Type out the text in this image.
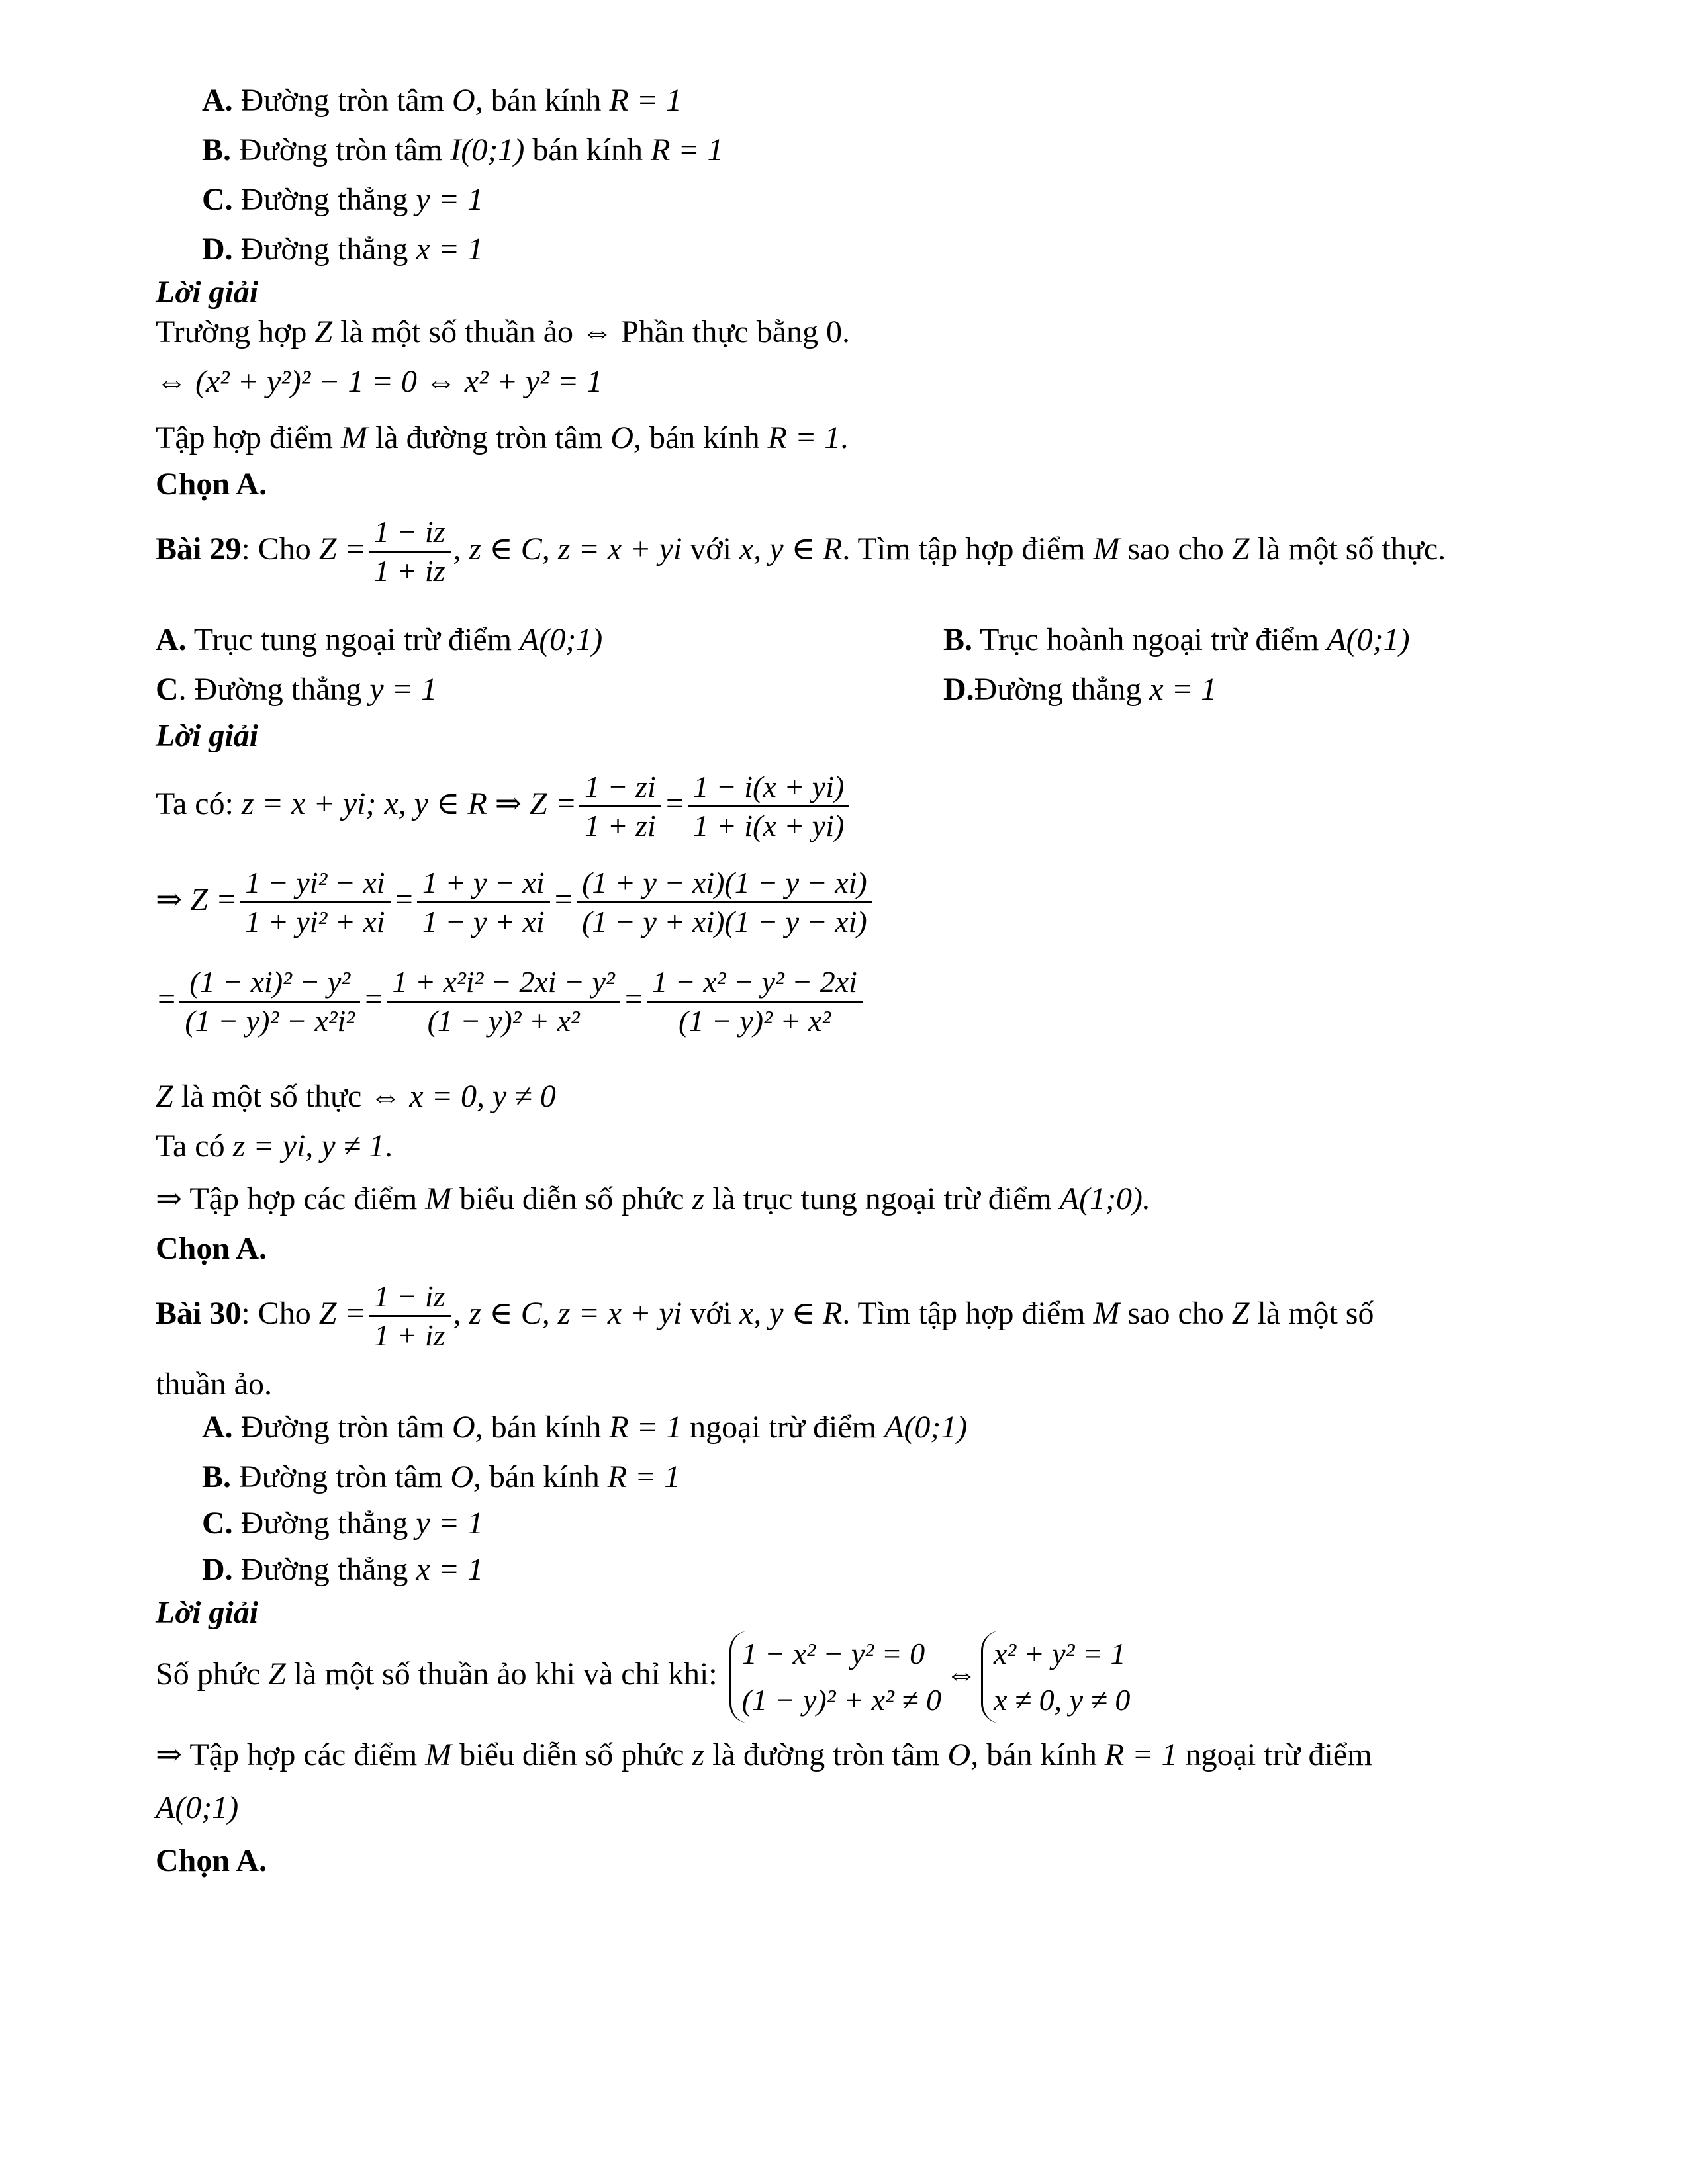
A. Đường tròn tâm O, bán kính R = 1
B. Đường tròn tâm I(0;1) bán kính R = 1
C. Đường thẳng y = 1
D. Đường thẳng x = 1
Lời giải
Trường hợp Z là một số thuần ảo ⇔ Phần thực bằng 0.
⇔ (x² + y²)² − 1 = 0 ⇔ x² + y² = 1
Tập hợp điểm M là đường tròn tâm O, bán kính R = 1.
Chọn A.
Bài 29: Cho $Z = \frac{1 - iz}{1 + iz}$ , z ∈ C, z = x + yi với x, y ∈ R. Tìm tập hợp điểm M sao cho Z là một số thực.
A. Trục tung ngoại trừ điểm A(0;1)	B. Trục hoành ngoại trừ điểm A(0;1)
C. Đường thẳng y = 1	D.Đường thẳng x = 1
Lời giải
Ta có: z = x + yi; x, y ∈ R ⇒ $Z = \frac{1 - zi}{1 + zi} = \frac{1 - i(x + yi)}{1 + i(x + yi)}$
⇒ $Z = \frac{\text{1 − yi² − xi}}{\text{1 + yi² + xi}} = \frac{1 + y - xi}{1 - y + xi} = \frac{(1 + y - xi)(1 - y - xi)}{(1 - y + xi)(1 - y - xi)}$
= $\frac{\text{(1 − xi)² − y²}}{\text{(1 − y)² − x²i²}} = \frac{\text{1 + x²i² − 2xi − y²}}{\text{(1 − y)² + x²}} = \frac{\text{1 − x² − y² − 2xi}}{\text{(1 − y)² + x²}}$
Z là một số thực ⇔ x = 0, y ≠ 0
Ta có z = yi, y ≠ 1.
⇒ Tập hợp các điểm M biểu diễn số phức z là trục tung ngoại trừ điểm A(1;0).
Chọn A.
Bài 30: Cho $Z = \frac{1 - iz}{1 + iz}$ , z ∈ C, z = x + yi với x, y ∈ R. Tìm tập hợp điểm M sao cho Z là một số
thuần ảo.
A. Đường tròn tâm O, bán kính R = 1 ngoại trừ điểm A(0;1)
B. Đường tròn tâm O, bán kính R = 1
C. Đường thẳng y = 1
D. Đường thẳng x = 1
Lời giải
Số phức Z là một số thuần ảo khi và chỉ khi:
1 − x² − y² = 0
(1 − y)² + x² ≠ 0
⇔
x² + y² = 1
x ≠ 0, y ≠ 0
⇒ Tập hợp các điểm M biểu diễn số phức z là đường tròn tâm O, bán kính R = 1 ngoại trừ điểm
A(0;1)
Chọn A.
